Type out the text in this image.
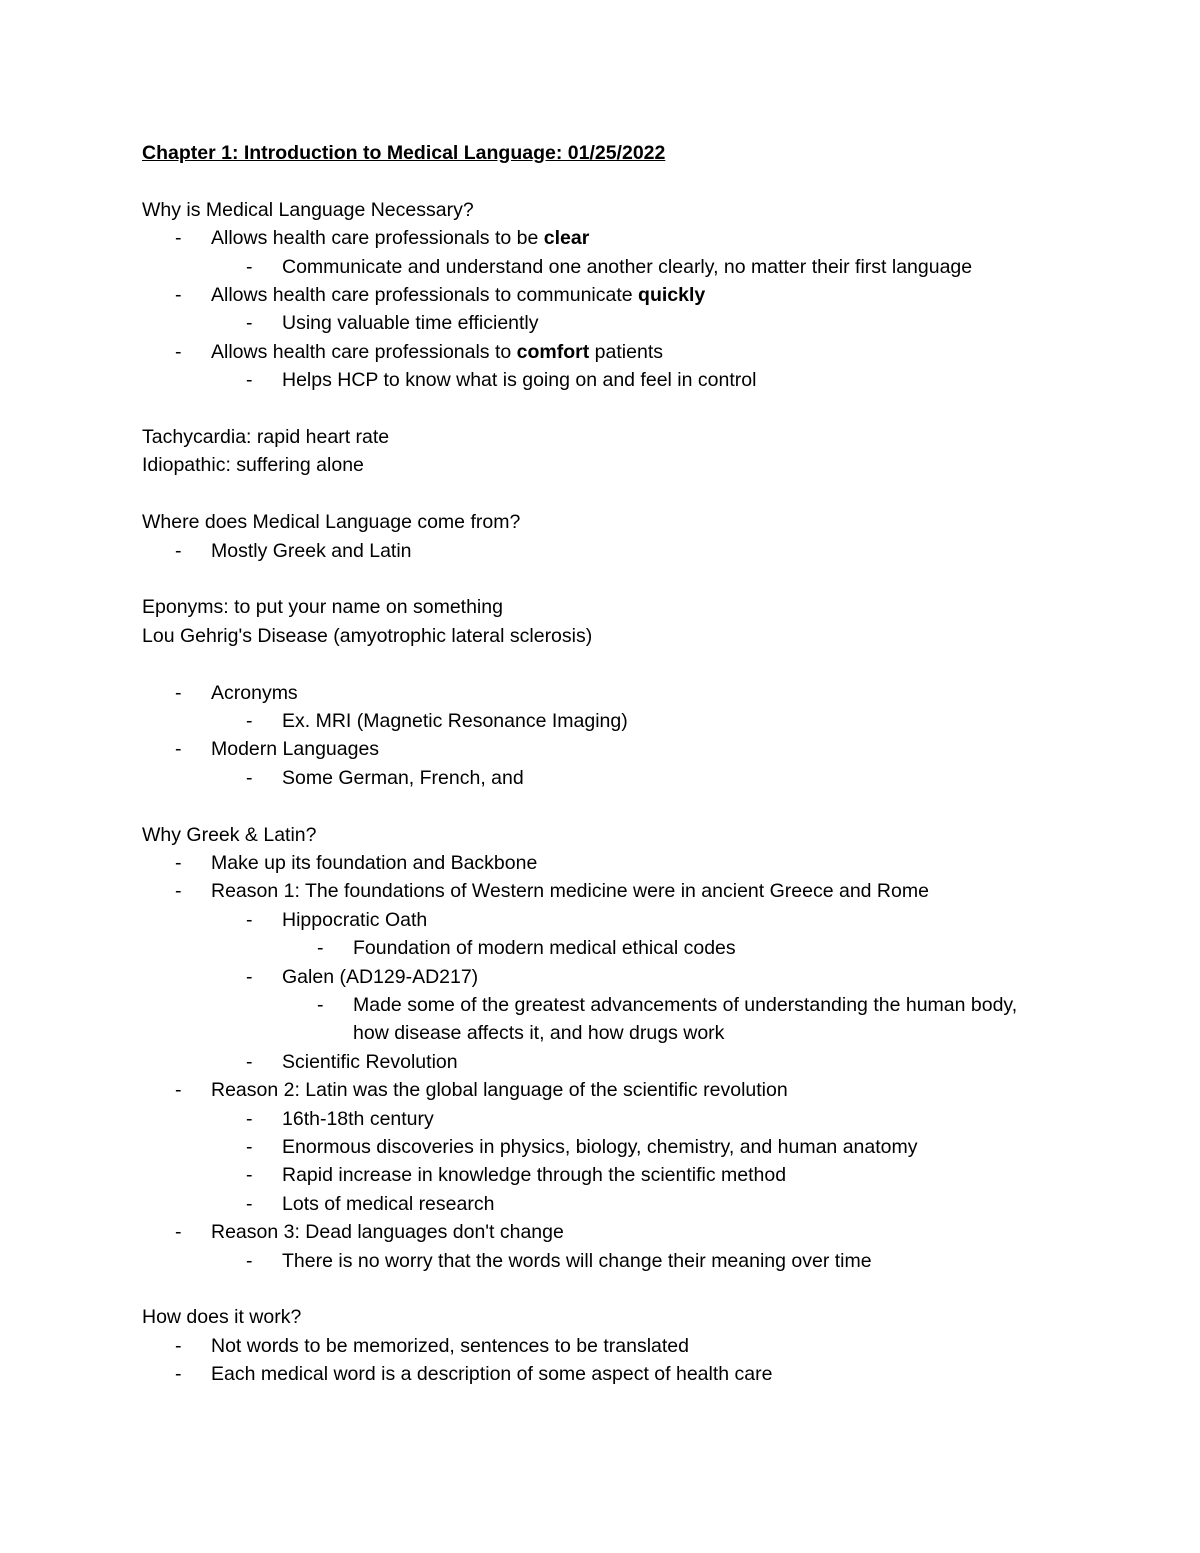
Chapter 1: Introduction to Medical Language: 01/25/2022
Why is Medical Language Necessary?
- Allows health care professionals to be clear
- Communicate and understand one another clearly, no matter their first language
- Allows health care professionals to communicate quickly
- Using valuable time efficiently
- Allows health care professionals to comfort patients
- Helps HCP to know what is going on and feel in control
Tachycardia: rapid heart rate
Idiopathic: suffering alone
Where does Medical Language come from?
- Mostly Greek and Latin
Eponyms: to put your name on something
Lou Gehrig's Disease (amyotrophic lateral sclerosis)
- Acronyms
- Ex. MRI (Magnetic Resonance Imaging)
- Modern Languages
- Some German, French, and
Why Greek & Latin?
- Make up its foundation and Backbone
- Reason 1: The foundations of Western medicine were in ancient Greece and Rome
- Hippocratic Oath
- Foundation of modern medical ethical codes
- Galen (AD129-AD217)
- Made some of the greatest advancements of understanding the human body, how disease affects it, and how drugs work
- Scientific Revolution
- Reason 2: Latin was the global language of the scientific revolution
- 16th-18th century
- Enormous discoveries in physics, biology, chemistry, and human anatomy
- Rapid increase in knowledge through the scientific method
- Lots of medical research
- Reason 3: Dead languages don't change
- There is no worry that the words will change their meaning over time
How does it work?
- Not words to be memorized, sentences to be translated
- Each medical word is a description of some aspect of health care
